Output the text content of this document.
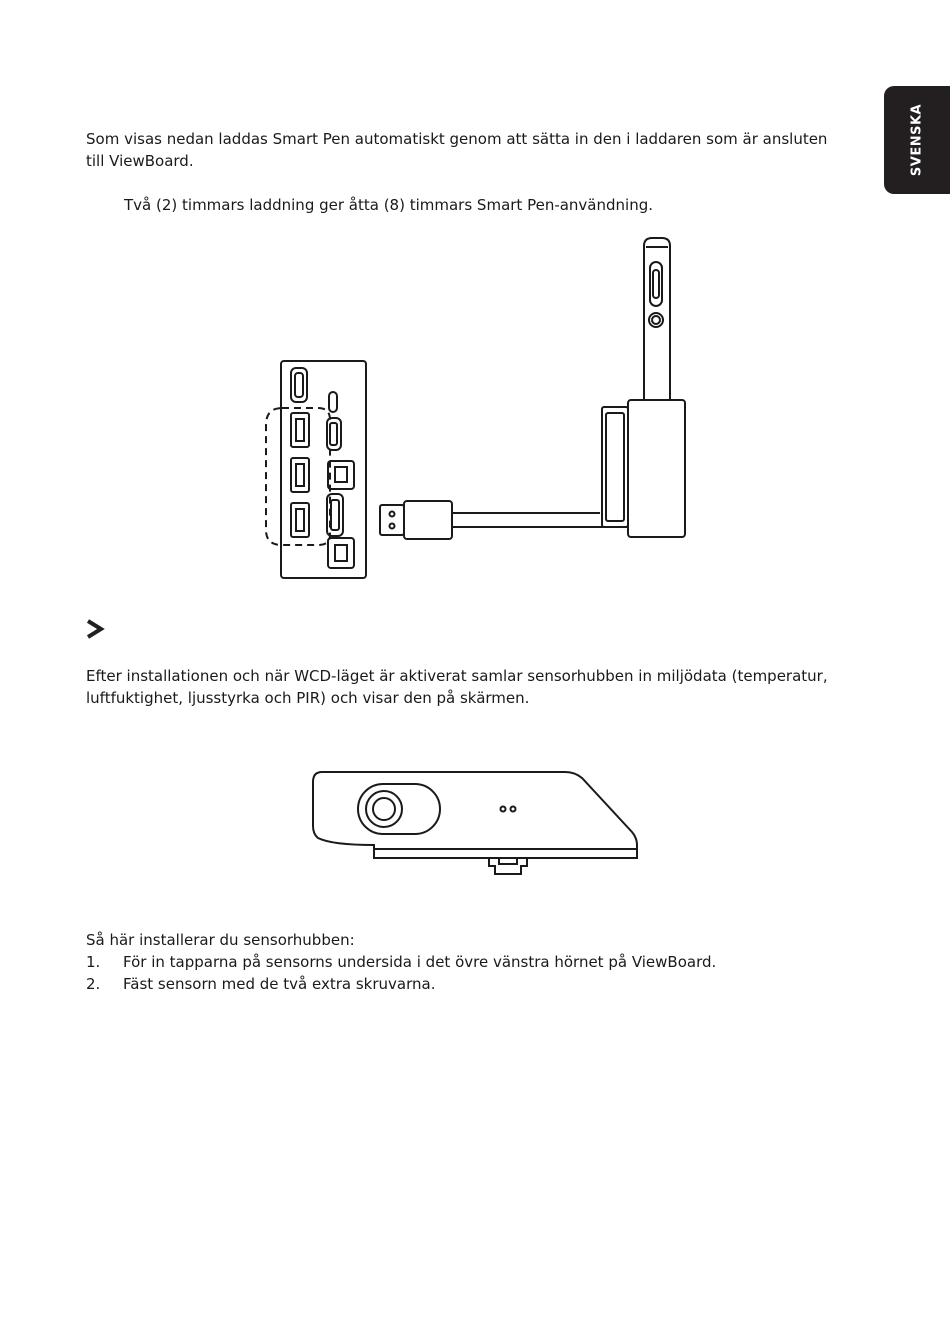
SVENSKA

Som visas nedan laddas Smart Pen automatiskt genom att sätta in den i laddaren som är ansluten till ViewBoard.

Två (2) timmars laddning ger åtta (8) timmars Smart Pen-användning.

Efter installationen och när WCD-läget är aktiverat samlar sensorhubben in miljödata (temperatur, luftfuktighet, ljusstyrka och PIR) och visar den på skärmen.

Så här installerar du sensorhubben:

1.	För in tapparna på sensorns undersida i det övre vänstra hörnet på ViewBoard.
2.	Fäst sensorn med de två extra skruvarna.
